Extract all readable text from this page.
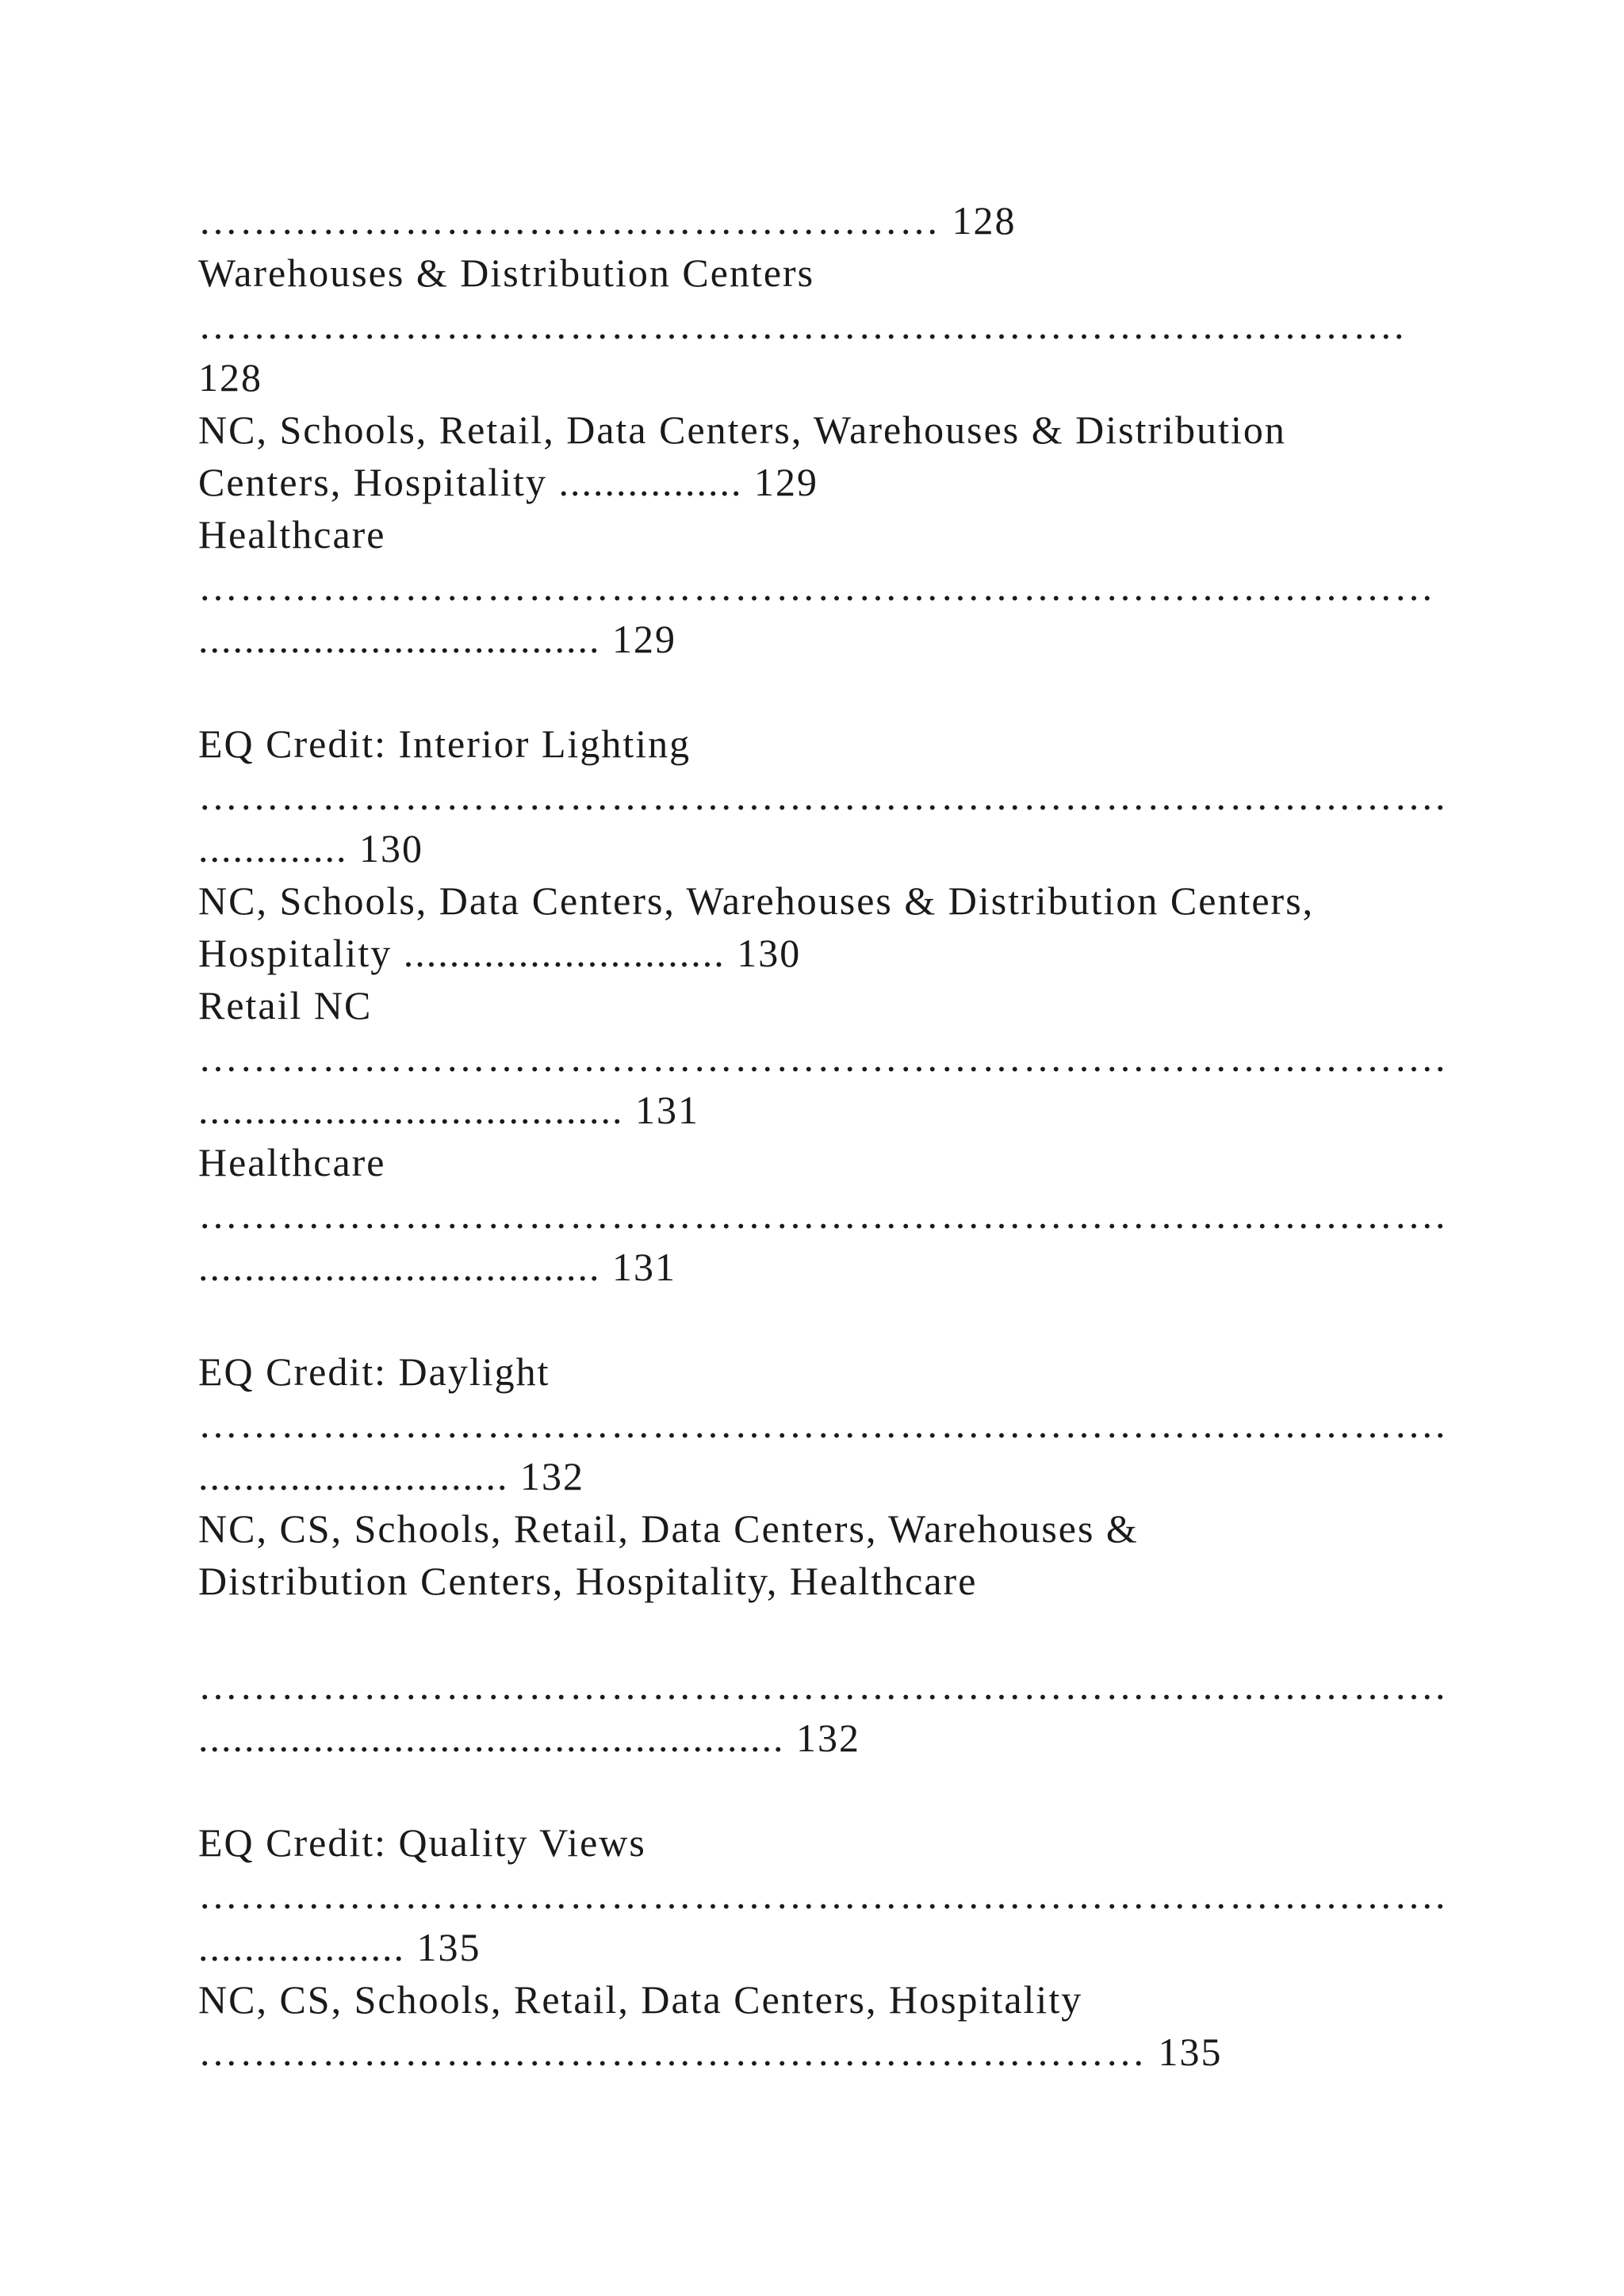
……………………………………………… 128
Warehouses & Distribution Centers
…………………………………………………………………………….
128
NC, Schools, Retail, Data Centers, Warehouses & Distribution
Centers, Hospitality ................ 129
Healthcare
………………………………………………………………………………
................................... 129
EQ Credit: Interior Lighting
……………………………………………………………………………….
............. 130
NC, Schools, Data Centers, Warehouses & Distribution Centers,
Hospitality ............................ 130
Retail NC
……………………………………………………………………………….
..................................... 131
Healthcare
……………………………………………………………………………….
................................... 131
EQ Credit: Daylight
……………………………………………………………………………….
........................... 132
NC, CS, Schools, Retail, Data Centers, Warehouses &
Distribution Centers, Hospitality, Healthcare
……………………………………………………………………………….
................................................... 132
EQ Credit: Quality Views
……………………………………………………………………………….
.................. 135
NC, CS, Schools, Retail, Data Centers, Hospitality
…………………………………………………………… 135
